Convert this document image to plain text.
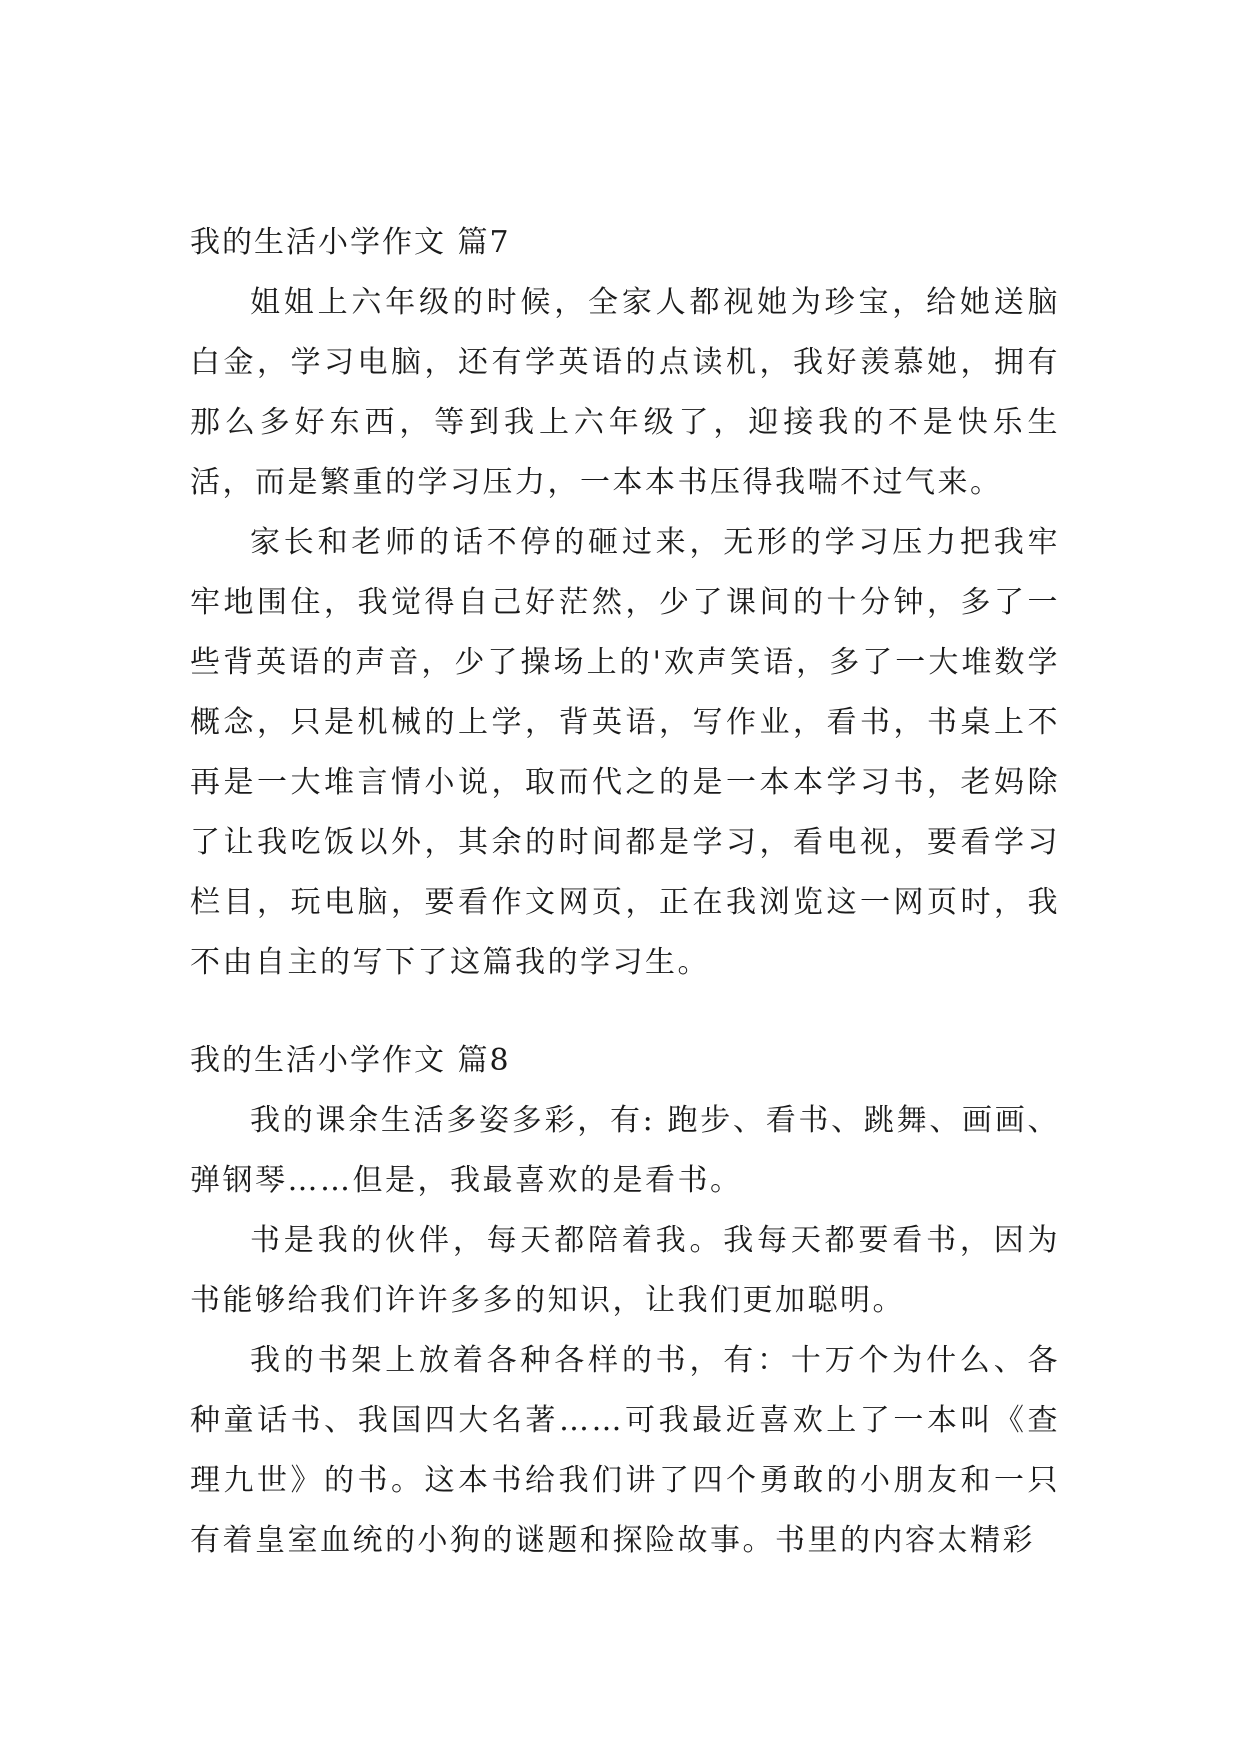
我的生活小学作文 篇7

姐姐上六年级的时候，全家人都视她为珍宝，给她送脑白金，学习电脑，还有学英语的点读机，我好羡慕她，拥有那么多好东西，等到我上六年级了，迎接我的不是快乐生活，而是繁重的学习压力，一本本书压得我喘不过气来。

家长和老师的话不停的砸过来，无形的学习压力把我牢牢地围住，我觉得自己好茫然，少了课间的十分钟，多了一些背英语的声音，少了操场上的'欢声笑语，多了一大堆数学概念，只是机械的上学，背英语，写作业，看书，书桌上不再是一大堆言情小说，取而代之的是一本本学习书，老妈除了让我吃饭以外，其余的时间都是学习，看电视，要看学习栏目，玩电脑，要看作文网页，正在我浏览这一网页时，我不由自主的写下了这篇我的学习生。

我的生活小学作文 篇8

我的课余生活多姿多彩，有: 跑步、看书、跳舞、画画、弹钢琴……但是，我最喜欢的是看书。

书是我的伙伴，每天都陪着我。我每天都要看书，因为书能够给我们许许多多的知识，让我们更加聪明。

我的书架上放着各种各样的书，有：十万个为什么、各种童话书、我国四大名著……可我最近喜欢上了一本叫《查理九世》的书。这本书给我们讲了四个勇敢的小朋友和一只有着皇室血统的小狗的谜题和探险故事。书里的内容太精彩
